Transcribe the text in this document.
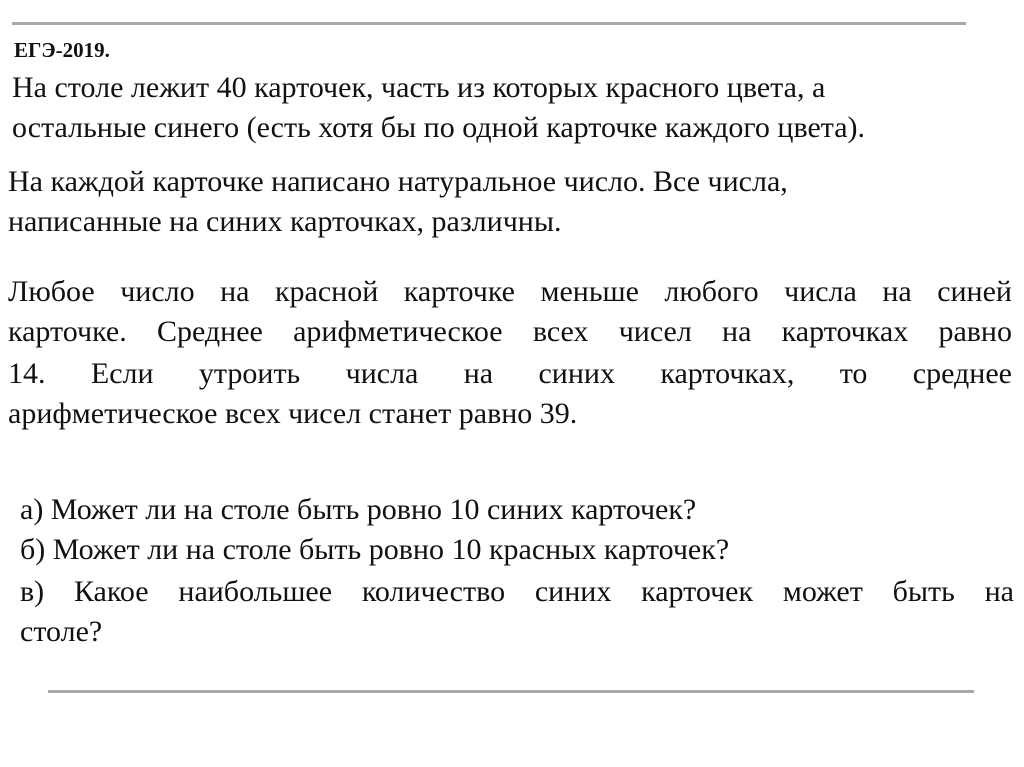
ЕГЭ-2019.
На столе лежит 40 карточек, часть из которых красного цвета, а
остальные синего (есть хотя бы по одной карточке каждого цвета).
На каждой карточке написано натуральное число. Все числа,
написанные на синих карточках, различны.
Любое число на красной карточке меньше любого числа на синей
карточке. Среднее арифметическое всех чисел на карточках равно
14. Если утроить числа на синих карточках, то среднее
арифметическое всех чисел станет равно 39.
а) Может ли на столе быть ровно 10 синих карточек?
б) Может ли на столе быть ровно 10 красных карточек?
в) Какое наибольшее количество синих карточек может быть на
столе?
